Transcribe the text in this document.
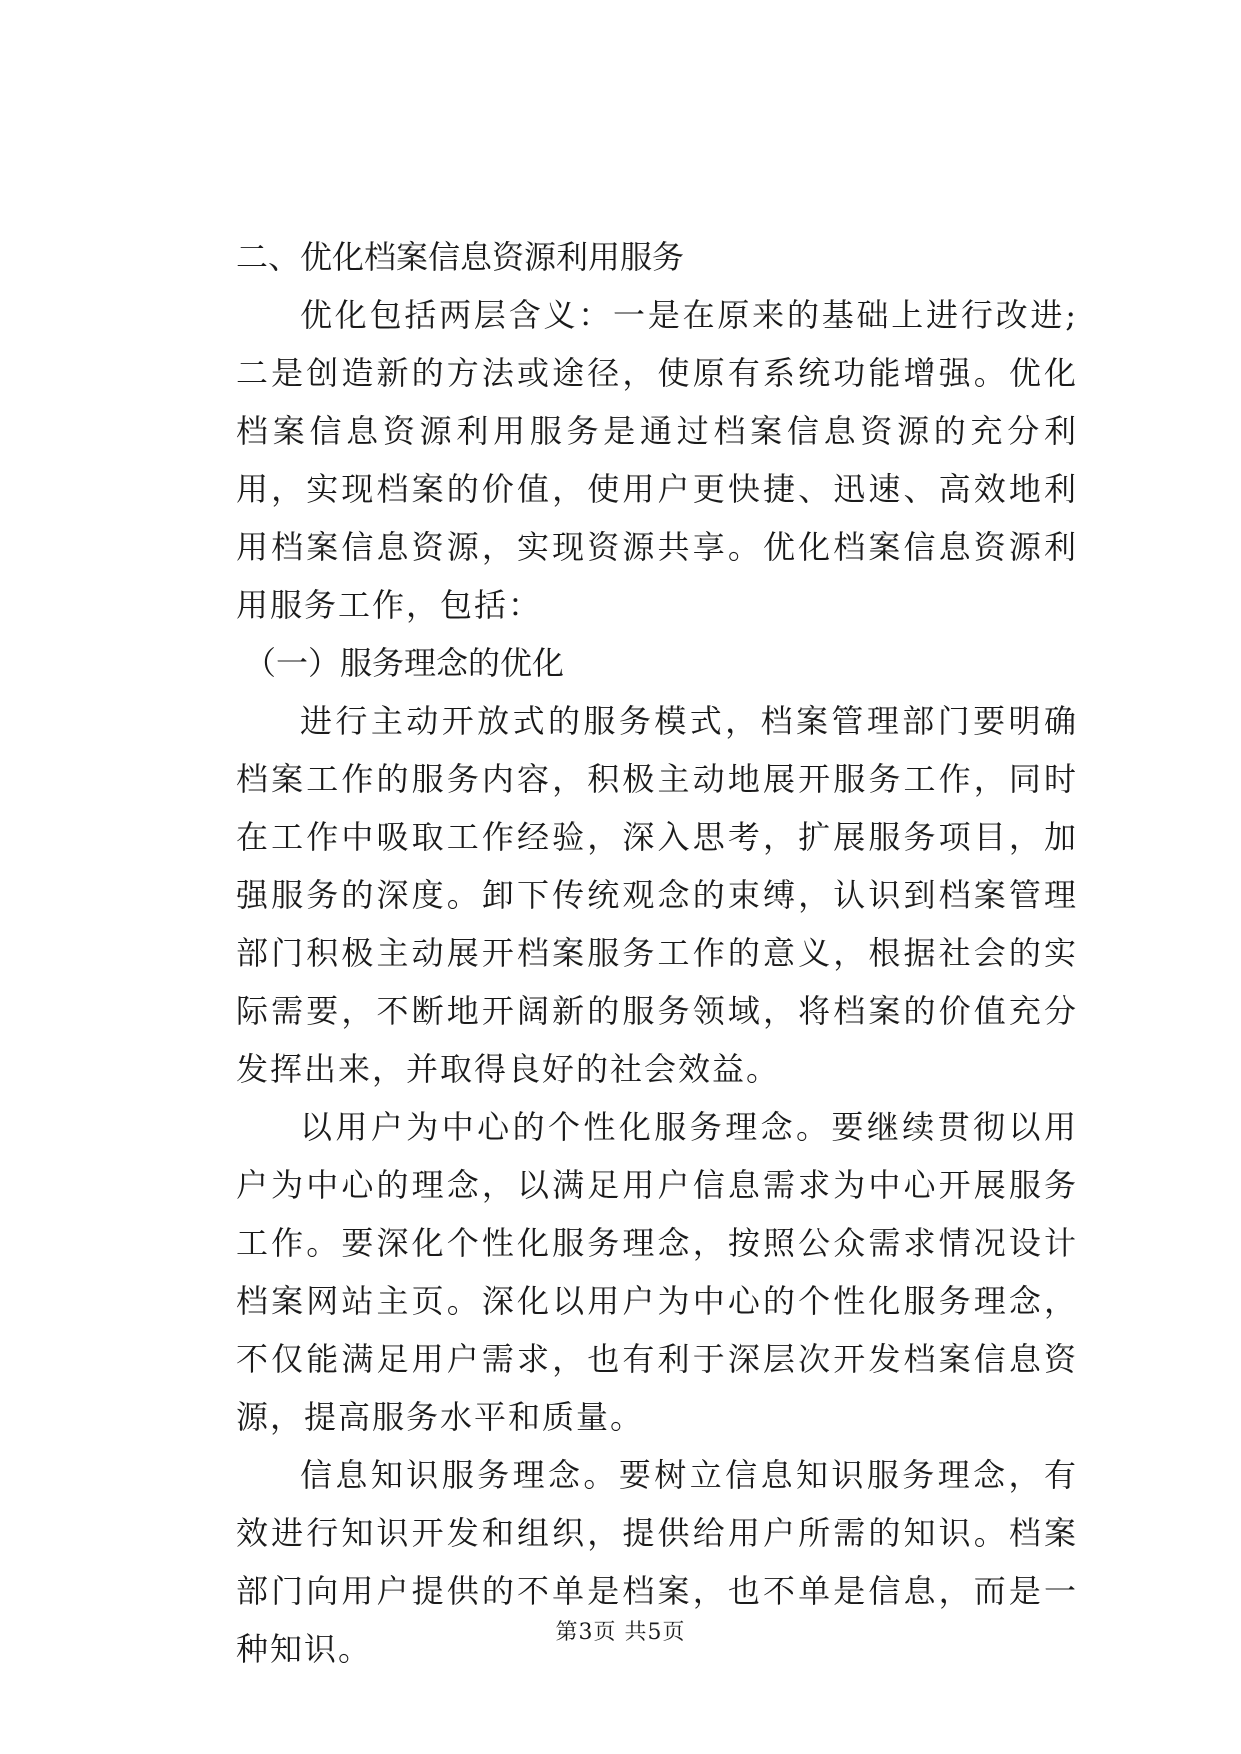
二、优化档案信息资源利用服务

优化包括两层含义：一是在原来的基础上进行改进;二是创造新的方法或途径，使原有系统功能增强。优化档案信息资源利用服务是通过档案信息资源的充分利用，实现档案的价值，使用户更快捷、迅速、高效地利用档案信息资源，实现资源共享。优化档案信息资源利用服务工作，包括：

（一）服务理念的优化

进行主动开放式的服务模式，档案管理部门要明确档案工作的服务内容，积极主动地展开服务工作，同时在工作中吸取工作经验，深入思考，扩展服务项目，加强服务的深度。卸下传统观念的束缚，认识到档案管理部门积极主动展开档案服务工作的意义，根据社会的实际需要，不断地开阔新的服务领域，将档案的价值充分发挥出来，并取得良好的社会效益。

以用户为中心的个性化服务理念。要继续贯彻以用户为中心的理念，以满足用户信息需求为中心开展服务工作。要深化个性化服务理念，按照公众需求情况设计档案网站主页。深化以用户为中心的个性化服务理念，不仅能满足用户需求，也有利于深层次开发档案信息资源，提高服务水平和质量。

信息知识服务理念。要树立信息知识服务理念，有效进行知识开发和组织，提供给用户所需的知识。档案部门向用户提供的不单是档案，也不单是信息，而是一种知识。	第3页 共5页
